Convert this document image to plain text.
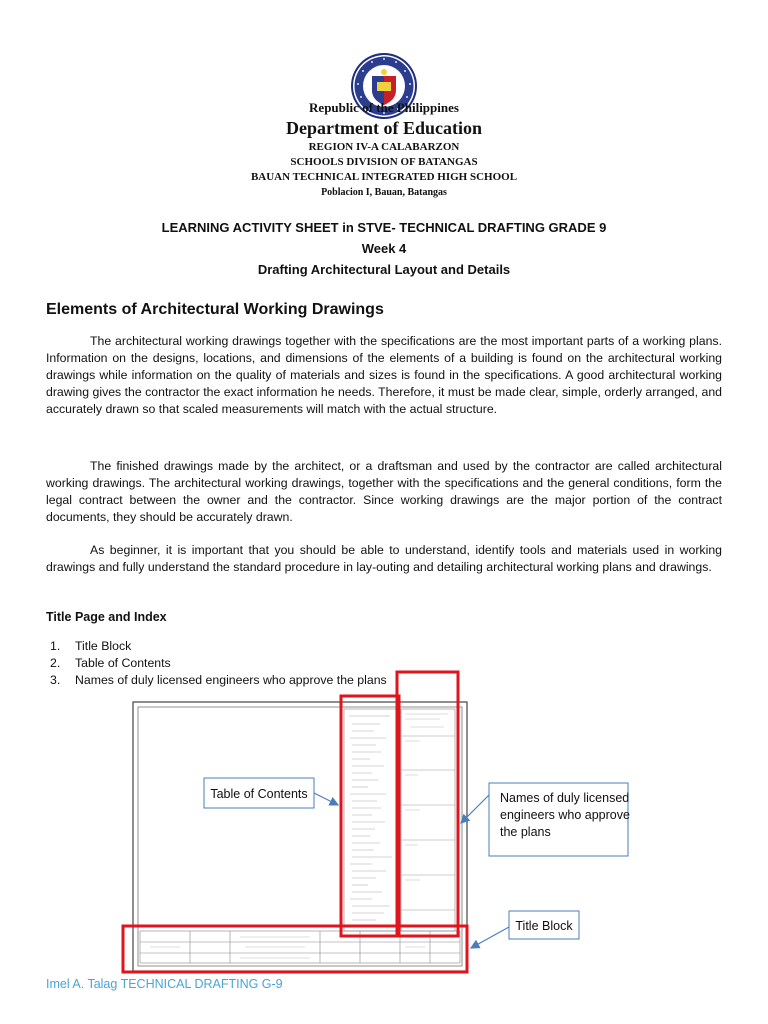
Republic of the Philippines
Department of Education
REGION IV-A CALABARZON
SCHOOLS DIVISION OF BATANGAS
BAUAN TECHNICAL INTEGRATED HIGH SCHOOL
Poblacion I, Bauan, Batangas
LEARNING ACTIVITY SHEET in STVE- TECHNICAL DRAFTING GRADE 9
Week 4
Drafting Architectural Layout and Details
Elements of Architectural Working Drawings

The architectural working drawings together with the specifications are the most important parts of a working plans. Information on the designs, locations, and dimensions of the elements of a building is found on the architectural working drawings while information on the quality of materials and sizes is found in the specifications. A good architectural working drawing gives the contractor the exact information he needs. Therefore, it must be made clear, simple, orderly arranged, and accurately drawn so that scaled measurements will match with the actual structure.

The finished drawings made by the architect, or a draftsman and used by the contractor are called architectural working drawings. The architectural working drawings, together with the specifications and the general conditions, form the legal contract between the owner and the contractor. Since working drawings are the major portion of the contract documents, they should be accurately drawn.

As beginner, it is important that you should be able to understand, identify tools and materials used in working drawings and fully understand the standard procedure in lay-outing and detailing architectural working plans and drawings.

Title Page and Index
1.	Title Block
2.	Table of Contents
3.	Names of duly licensed engineers who approve the plans
Table of Contents	Names of duly licensed
engineers who approve
the plans
Title Block
Imel A. Talag TECHNICAL DRAFTING G-9
